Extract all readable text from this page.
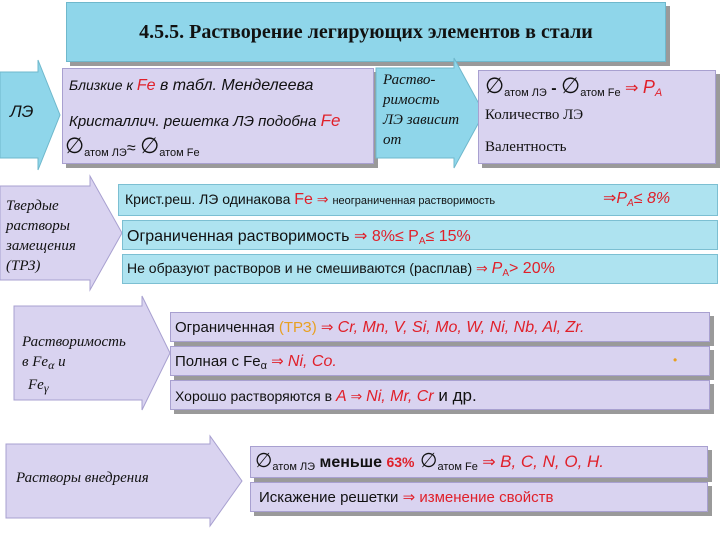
4.5.5. Растворение легирующих элементов в стали
ЛЭ
Близкие к Fe в табл. Менделеева
Кристаллич. решетка ЛЭ подобна Fe
$\emptyset_{атом ЛЭ}\approx$ $\emptyset_{атом Fe}$
Раство-
римость
ЛЭ зависит
от
$\emptyset_{атом ЛЭ}$ - $\emptyset_{атом Fe}$ ⇒ $P_A$
Количество ЛЭ
Валентность
Твердые
растворы
замещения
(ТРЗ)
Крист.реш. ЛЭ одинакова Fe ⇒ неограниченная растворимость	$\Rightarrow P_A\le 8\%$
Ограниченная растворимость ⇒ $8\%\le P_A\le 15\%$
Не образуют растворов и не смешиваются (расплав) ⇒ $P_A> 20\%$
Растворимость
в $Fe_\alpha$ и
$Fe_\gamma$
Ограниченная (ТРЗ) ⇒ Cr, Mn, V, Si, Mo, W, Ni, Nb, Al, Zr.
Полная с $Fe_\alpha$ ⇒ Ni, Co.	•
Хорошо растворяются в A ⇒ Ni, Mr, Cr и др.
Растворы внедрения
$\emptyset_{атом ЛЭ}$ меньше 63% $\emptyset_{атом Fe}$ ⇒ B, C, N, O, H.
Искажение решетки ⇒ изменение свойств
